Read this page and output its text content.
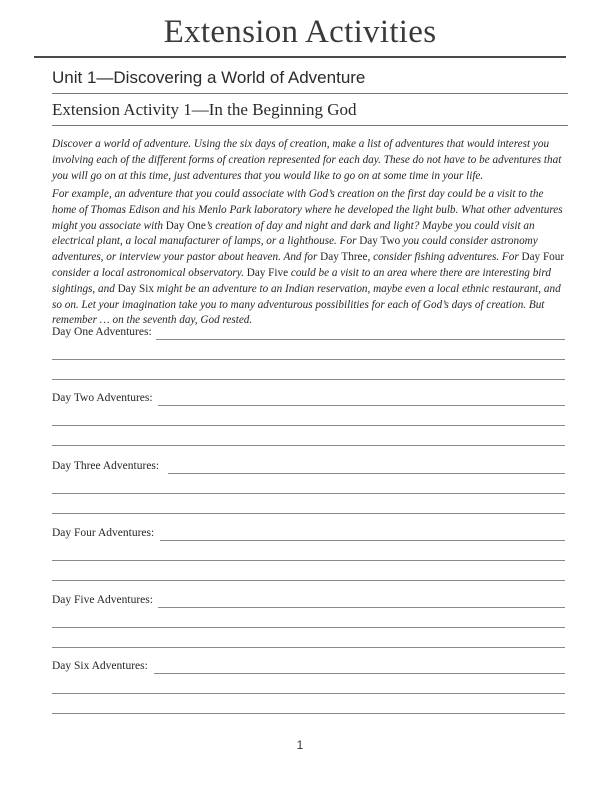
Extension Activities
Unit 1—Discovering a World of Adventure
Extension Activity 1—In the Beginning God
Discover a world of adventure. Using the six days of creation, make a list of adventures that would interest you involving each of the different forms of creation represented for each day. These do not have to be adventures that you will go on at this time, just adventures that you would like to go on at some time in your life.
For example, an adventure that you could associate with God’s creation on the first day could be a visit to the home of Thomas Edison and his Menlo Park laboratory where he developed the light bulb. What other adventures might you associate with Day One’s creation of day and night and dark and light? Maybe you could visit an electrical plant, a local manufacturer of lamps, or a lighthouse. For Day Two you could consider astronomy adventures, or interview your pastor about heaven. And for Day Three, consider fishing adventures. For Day Four consider a local astronomical observatory. Day Five could be a visit to an area where there are interesting bird sightings, and Day Six might be an adventure to an Indian reservation, maybe even a local ethnic restaurant, and so on. Let your imagination take you to many adventurous possibilities for each of God’s days of creation. But remember … on the seventh day, God rested.
Day One Adventures:
Day Two Adventures:
Day Three Adventures:
Day Four Adventures:
Day Five Adventures:
Day Six Adventures:
1
